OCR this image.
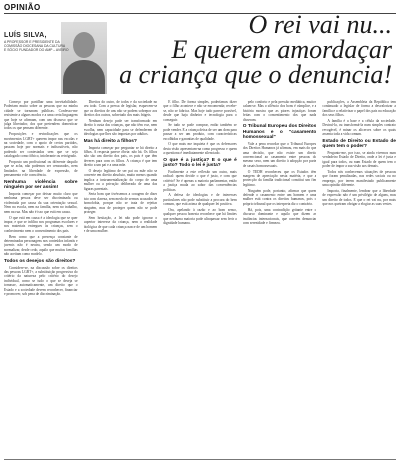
OPINIÃO
O rei vai nu...
E querem amordaçar
a criança que o denuncia!
LUÍS SILVA,
A PROFESSOR E PRESIDENTE DA
COMISSÃO DIOCESANA DA CULTURA
E SÓCIO FUNDADOR DO AMP – AVEIRO

Começo por partilhar uma inevitabilidade. Poderiam muito sobre as pessoas que na minha cidade se tornaram públicas. Confesso-me resistente a alguns modos e a uma certa linguagem que hoje se afirmam, com um discurso que se julga libertador, dos que pretendem domesticar todos os que pensam diferente.

Proposições e revindicações que os movimentos LGBT+ querem impor nas escolas e na sociedade, com o apoio de certos partidos, passam hoje por normais e indiscutíveis, não podendo ser contestadas sem que se seja catalogado como fóbico, intolerante ou retrógrado.

Proposto um profissional ou diferente daquilo que se acha, não podemos ser censurados, nem limitados na liberdade de expressão, de pensamento e de consciência.

Nenhuma violência sobre ninguém por ser assim!

Importa começar por deixar muito claro que nenhuma pessoa deve ser discriminada ou violentada por causa da sua orientação sexual. Nem na escola, nem na família, nem no trabalho, nem na rua. Mas não é isso que está em causa.

O que está em causa é a ideologia que se quer impor, e que se infiltra nos programas escolares e nos materiais entregues às crianças, sem o conhecimento nem o consentimento dos pais.

Bem como que a presença constante de determinadas personagens nos conteúdos infantis e juvenis não é neutra, sendo um modo de normalizar, desde cedo, aquilo que muitas famílias não aceitam como modelo.

Todos os desejos são direitos?

Considere-se, na discussão sobre os direitos das pessoas LGBT+, a substituição progressiva do critério da natureza pelo critério do desejo individual, como se tudo o que se deseja se tornasse, automaticamente, um direito que o Estado e a sociedade devem reconhecer, financiar e promover, sob pena de discriminação.

Direitos do outro, de todos e da sociedade no seu todo. Com a pressa de legislar, esquecem-se que os direitos de uns não se podem sobrepor aos direitos dos outros, sobretudo dos mais frágeis.

Nenhum desejo pode ser transformado em direito à custa das crianças, que não têm voz, nem escolha, nem capacidade para se defenderem de ideologias que lhes são impostas por adultos.

Mas há direito a filhos?

Importa começar por perguntar se há direito a filhos. A resposta parece óbvia: não há. Os filhos não são um direito dos pais, os pais é que têm deveres para com os filhos. A criança é que tem direito a um pai e a uma mãe.

O desejo legítimo de ser pai ou mãe não se converte em direito absoluto, muito menos quando implica a instrumentalização do corpo de uma mulher ou a privação deliberada de uma das figuras parentais.

Seria bom que tivéssemos a coragem de dizer isto com clareza, sem medo de sermos acusados de homofobia, porque não se trata de rejeitar ninguém, mas de proteger quem não se pode proteger.

Sem hesitação, a lei não pode ignorar o superior interesse da criança, nem a realidade biológica de que cada criança nasce de um homem e de uma mulher.

É filho. De forma simples, poderíamos dizer que o filho acontece e não se encomenda; recebe-se, não se fabrica. Mas hoje tudo parece possível, desde que haja dinheiro e tecnologia para o conseguir.

Se tudo se pode comprar, então também se pode vender. E a criança deixa de ser um dom para passar a ser um produto, com características escolhidas e garantias de qualidade.

O que mais me inquieta é que os defensores desta visão apresentam-na como progresso e quem a questiona é imediatamente silenciado.

O que é a justiça? E o que é justo? Todo o lei é justa?

Facilmente a este reflexão um outra, mais radical: quem decide o que é justo, e com que critério? Se é apenas a maioria parlamentar, então a justiça muda ao sabor das conveniências políticas.

A defesa de ideologias e de interesses particulares não pode substituir a procura do bem comum, que está acima de qualquer lei positiva.

Ora, apelando à razão e ao bom senso, qualquer pessoa honesta reconhece que há limites que nenhuma maioria pode ultrapassar sem ferir a dignidade humana.

pelo conforto e pela pressão mediática, muitos calam-se. Mas o silêncio dos bons é cúmplice, e a história mostra que as piores injustiças foram feitas com o consentimento dos que nada disseram.

O Tribunal Europeu dos Direitos Humanos e o "casamento homossexual"

Vale a pena recordar que o Tribunal Europeu dos Direitos Humanos já afirmou, em mais do que uma decisão, que não existe um direito convencional ao casamento entre pessoas do mesmo sexo, nem um direito à adopção por parte de casais homossexuais.

O TEDH reconheceu que os Estados têm margem de apreciação nesta matéria, e que a protecção da família tradicional constitui um fim legítimo.

Ninguém pode, portanto, afirmar que quem defende o casamento entre um homem e uma mulher está contra os direitos humanos, pois o próprio tribunal que os interpreta diz o contrário.

Há, pois, uma contradição gritante entre o discurso dominante e aquilo que dizem as instâncias internacionais, que convém denunciar com serenidade e firmeza.

publicações, a Assembleia da República tem continuado a legislar de forma a desvalorizar a família e a relativizar o papel dos pais na educação dos seus filhos.

A família é a base e a célula da sociedade. Destruí-la, ou transformá-la num simples contrato revogável, é minar os alicerces sobre os quais assenta toda a vida comum.

Estado de Direito ou Estado de quem tem o poder?

Pergunto-me, por isso, se ainda vivemos num verdadeiro Estado de Direito, onde a lei é justa e igual para todos, ou num Estado de quem tem o poder de impor a sua visão aos demais.

Todos nós conhecemos situações de pessoas que foram penalizadas, nas redes sociais ou no emprego, por terem manifestado publicamente uma opinião diferente.

Importa, finalmente, lembrar que a liberdade de expressão não é um privilégio de alguns, mas um direito de todos. E que o rei vai nu, por mais que nos queiram obrigar a elogiar as suas vestes.
